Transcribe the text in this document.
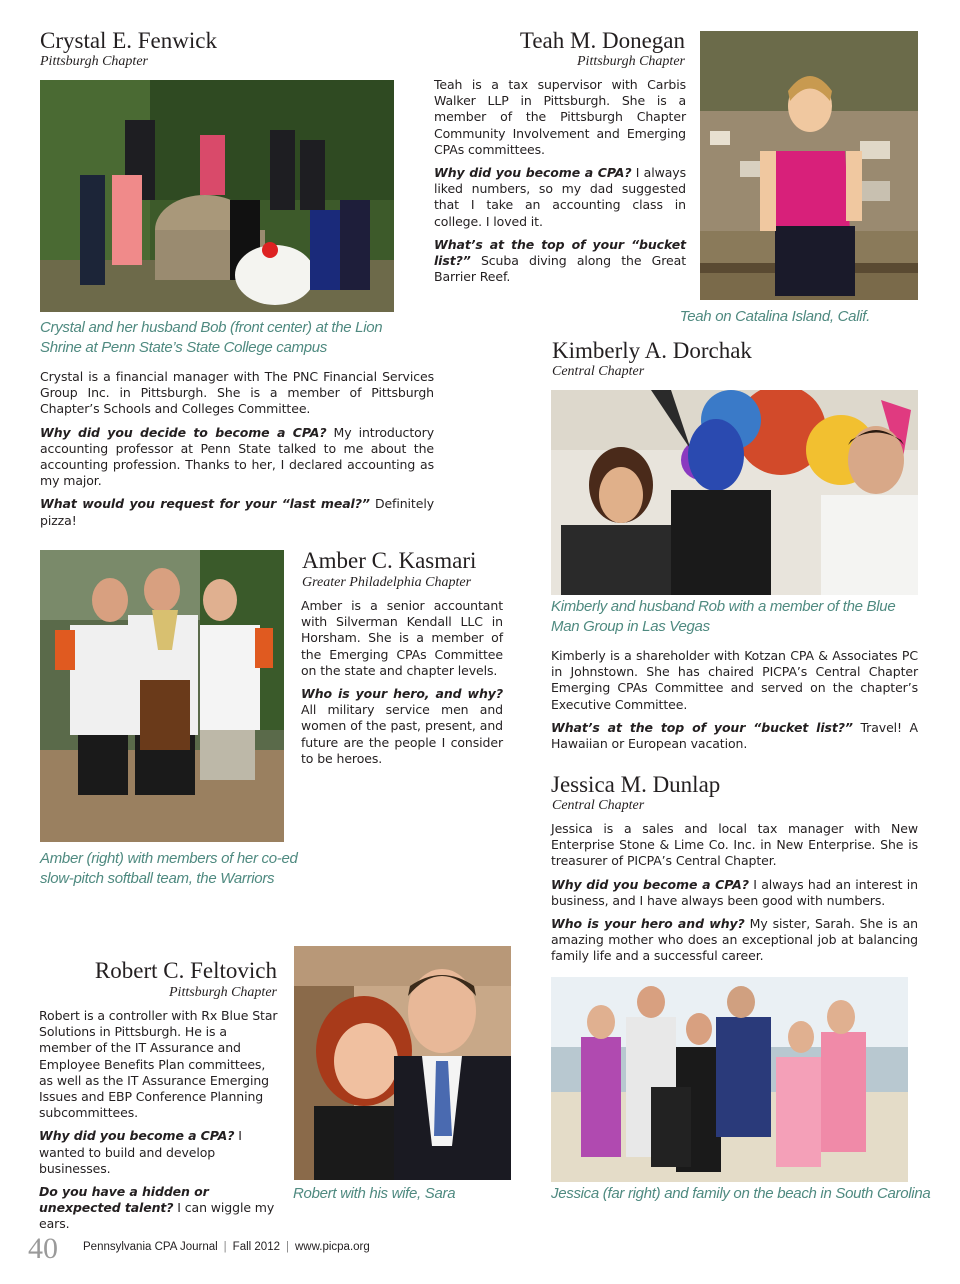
Crystal E. Fenwick
Pittsburgh Chapter
Crystal and her husband Bob (front center) at the Lion Shrine at Penn State’s State College campus

Crystal is a financial manager with The PNC Financial Services Group Inc. in Pittsburgh. She is a member of Pittsburgh Chapter’s Schools and Colleges Committee.

Why did you decide to become a CPA? My introductory accounting professor at Penn State talked to me about the accounting profession. Thanks to her, I declared accounting as my major.

What would you request for your “last meal?” Definitely pizza!

Teah M. Donegan
Pittsburgh Chapter

Teah is a tax supervisor with Carbis Walker LLP in Pittsburgh. She is a member of the Pittsburgh Chapter Community Involvement and Emerging CPAs committees.

Why did you become a CPA? I always liked numbers, so my dad suggested that I take an accounting class in college. I loved it.

What’s at the top of your “bucket list?” Scuba diving along the Great Barrier Reef.

Teah on Catalina Island, Calif.
Kimberly A. Dorchak
Central Chapter
Kimberly and husband Rob with a member of the Blue Man Group in Las Vegas

Kimberly is a shareholder with Kotzan CPA & Associates PC in Johnstown. She has chaired PICPA’s Central Chapter Emerging CPAs Committee and served on the chapter’s Executive Committee.

What’s at the top of your “bucket list?” Travel! A Hawaiian or European vacation.

Amber (right) with members of her co-ed slow-pitch softball team, the Warriors
Amber C. Kasmari
Greater Philadelphia Chapter

Amber is a senior accountant with Silverman Kendall LLC in Horsham. She is a member of the Emerging CPAs Committee on the state and chapter levels.

Who is your hero, and why? All military service men and women of the past, present, and future are the people I consider to be heroes.

Jessica M. Dunlap
Central Chapter

Jessica is a sales and local tax manager with New Enterprise Stone & Lime Co. Inc. in New Enterprise. She is treasurer of PICPA’s Central Chapter.

Why did you become a CPA? I always had an interest in business, and I have always been good with numbers.

Who is your hero and why? My sister, Sarah. She is an amazing mother who does an exceptional job at balancing family life and a successful career.

Jessica (far right) and family on the beach in South Carolina
Robert C. Feltovich
Pittsburgh Chapter

Robert is a controller with Rx Blue Star Solutions in Pittsburgh. He is a member of the IT Assurance and Employee Benefits Plan committees, as well as the IT Assurance Emerging Issues and EBP Conference Planning subcommittees.

Why did you become a CPA? I wanted to build and develop businesses.

Do you have a hidden or unexpected talent? I can wiggle my ears.

Robert with his wife, Sara
40 Pennsylvania CPA Journal | Fall 2012 | www.picpa.org
